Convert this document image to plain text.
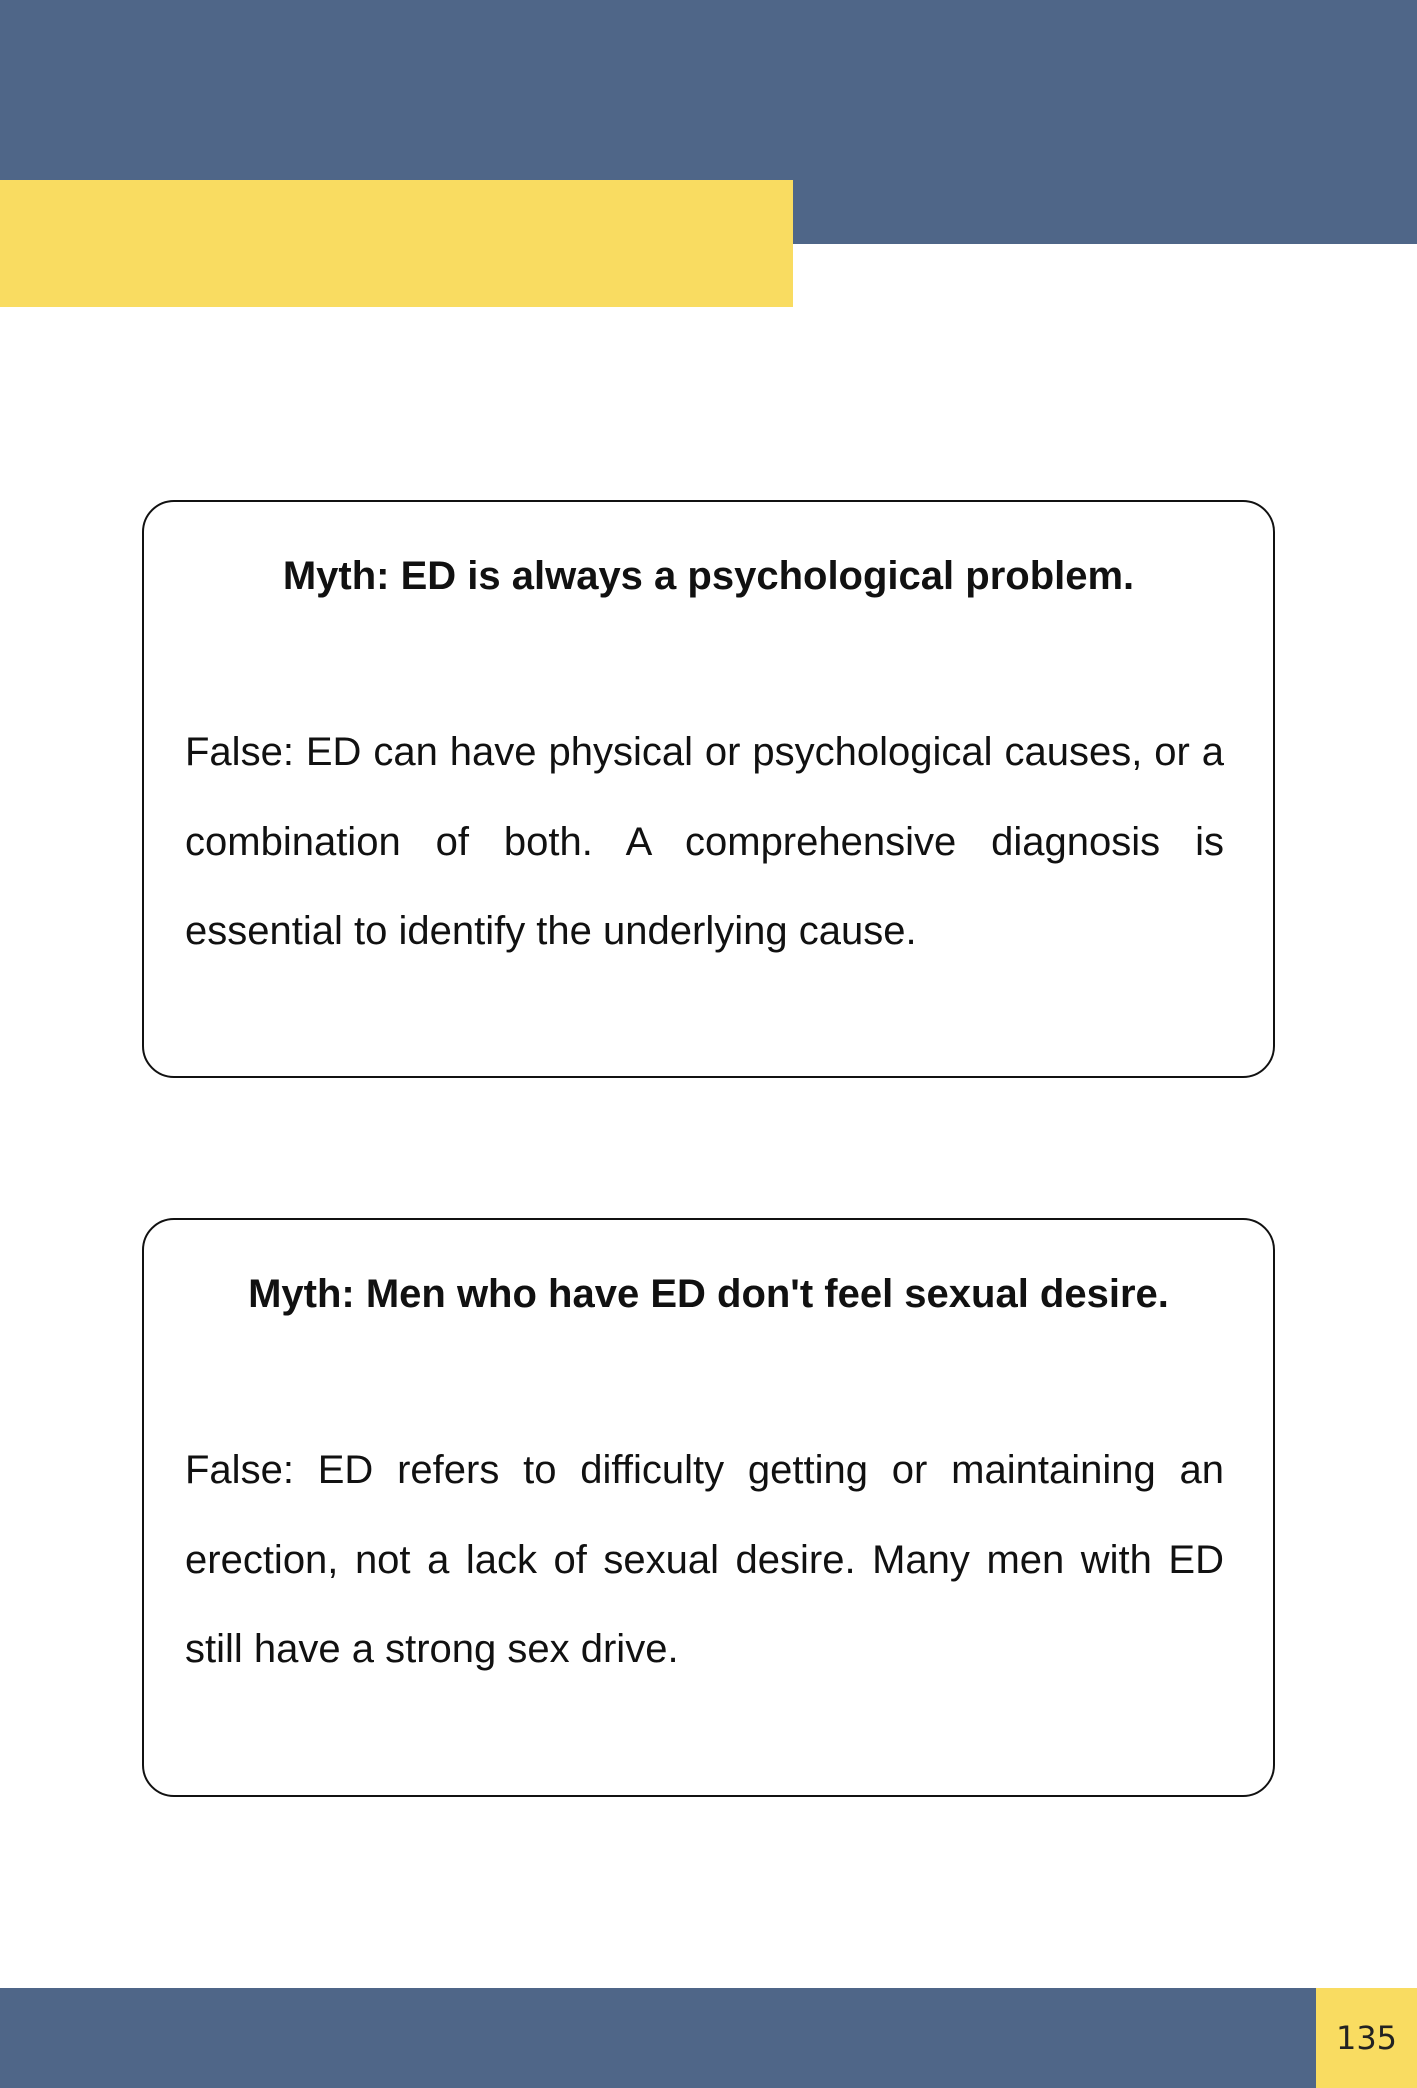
Myth: ED is always a psychological problem.

False: ED can have physical or psychological causes, or a combination of both. A comprehensive diagnosis is essential to identify the underlying cause.

Myth: Men who have ED don't feel sexual desire.

False: ED refers to difficulty getting or maintaining an erection, not a lack of sexual desire. Many men with ED still have a strong sex drive.

135
